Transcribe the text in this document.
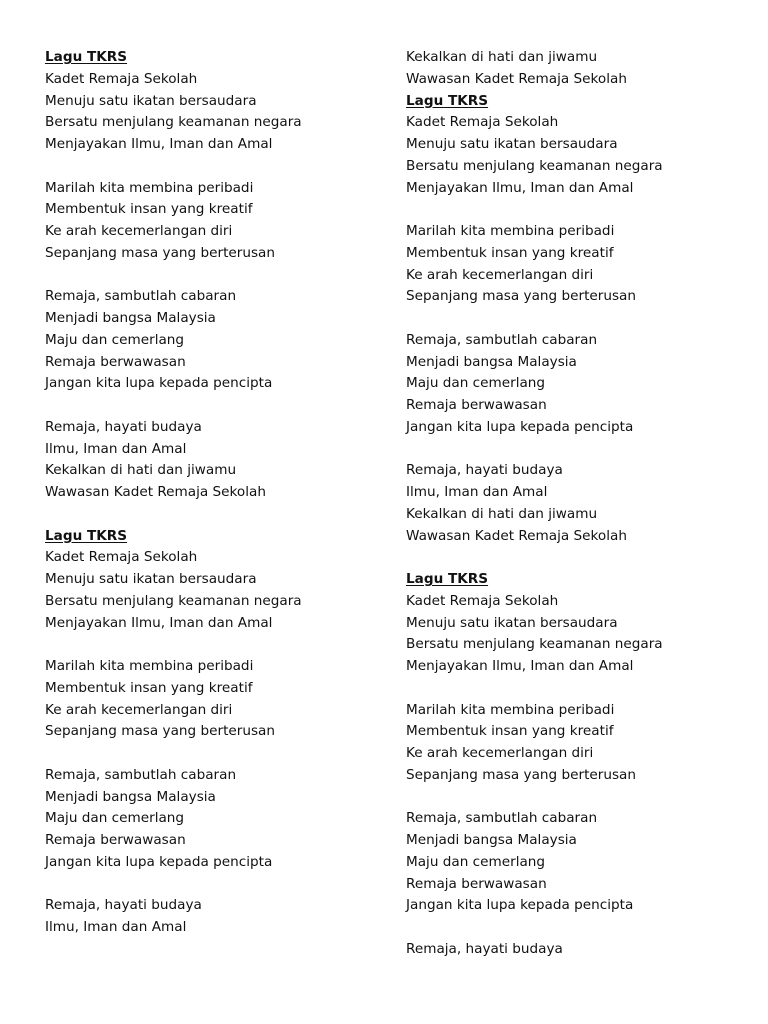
Lagu TKRS
Kadet Remaja Sekolah
Menuju satu ikatan bersaudara
Bersatu menjulang keamanan negara
Menjayakan Ilmu, Iman dan Amal
Marilah kita membina peribadi
Membentuk insan yang kreatif
Ke arah kecemerlangan diri
Sepanjang masa yang berterusan
Remaja, sambutlah cabaran
Menjadi bangsa Malaysia
Maju dan cemerlang
Remaja berwawasan
Jangan kita lupa kepada pencipta
Remaja, hayati budaya
Ilmu, Iman dan Amal
Kekalkan di hati dan jiwamu
Wawasan Kadet Remaja Sekolah
Lagu TKRS
Kadet Remaja Sekolah
Menuju satu ikatan bersaudara
Bersatu menjulang keamanan negara
Menjayakan Ilmu, Iman dan Amal
Marilah kita membina peribadi
Membentuk insan yang kreatif
Ke arah kecemerlangan diri
Sepanjang masa yang berterusan
Remaja, sambutlah cabaran
Menjadi bangsa Malaysia
Maju dan cemerlang
Remaja berwawasan
Jangan kita lupa kepada pencipta
Remaja, hayati budaya
Ilmu, Iman dan Amal
Kekalkan di hati dan jiwamu
Wawasan Kadet Remaja Sekolah
Lagu TKRS
Kadet Remaja Sekolah
Menuju satu ikatan bersaudara
Bersatu menjulang keamanan negara
Menjayakan Ilmu, Iman dan Amal
Marilah kita membina peribadi
Membentuk insan yang kreatif
Ke arah kecemerlangan diri
Sepanjang masa yang berterusan
Remaja, sambutlah cabaran
Menjadi bangsa Malaysia
Maju dan cemerlang
Remaja berwawasan
Jangan kita lupa kepada pencipta
Remaja, hayati budaya
Ilmu, Iman dan Amal
Kekalkan di hati dan jiwamu
Wawasan Kadet Remaja Sekolah
Lagu TKRS
Kadet Remaja Sekolah
Menuju satu ikatan bersaudara
Bersatu menjulang keamanan negara
Menjayakan Ilmu, Iman dan Amal
Marilah kita membina peribadi
Membentuk insan yang kreatif
Ke arah kecemerlangan diri
Sepanjang masa yang berterusan
Remaja, sambutlah cabaran
Menjadi bangsa Malaysia
Maju dan cemerlang
Remaja berwawasan
Jangan kita lupa kepada pencipta
Remaja, hayati budaya
